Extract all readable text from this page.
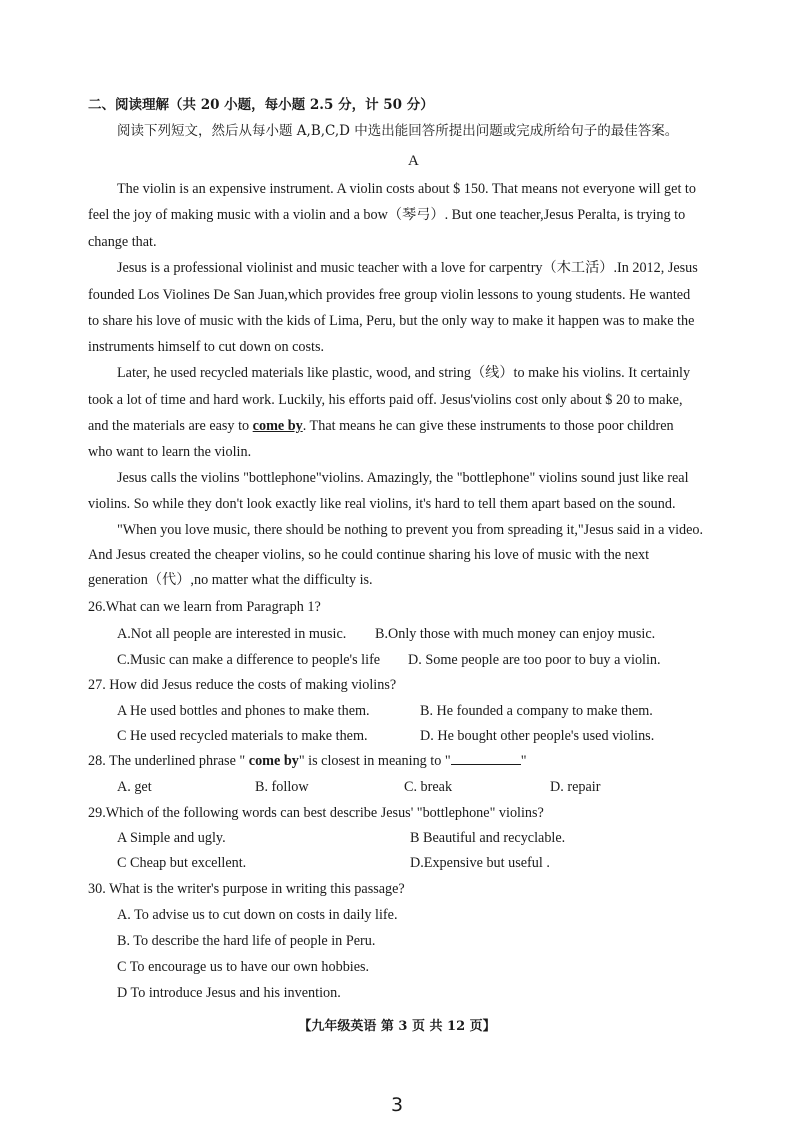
二、阅读理解（共 20 小题，每小题 2.5 分，计 50 分）
阅读下列短文，然后从每小题 A,B,C,D 中选出能回答所提出问题或完成所给句子的最佳答案。
A
The violin is an expensive instrument. A violin costs about $ 150. That means not everyone will get to
feel the joy of making music with a violin and a bow（琴弓）. But one teacher,Jesus Peralta, is trying to
change that.
Jesus is a professional violinist and music teacher with a love for carpentry（木工活）.In 2012, Jesus
founded Los Violines De San Juan,which provides free group violin lessons to young students. He wanted
to share his love of music with the kids of Lima, Peru, but the only way to make it happen was to make the
instruments himself to cut down on costs.
Later, he used recycled materials like plastic, wood, and string（线）to make his violins. It certainly
took a lot of time and hard work. Luckily, his efforts paid off. Jesus'violins cost only about $ 20 to make,
and the materials are easy to come by. That means he can give these instruments to those poor children
who want to learn the violin.
Jesus calls the violins "bottlephone"violins. Amazingly, the "bottlephone" violins sound just like real
violins. So while they don't look exactly like real violins, it's hard to tell them apart based on the sound.
"When you love music, there should be nothing to prevent you from spreading it,"Jesus said in a video.
And Jesus created the cheaper violins, so he could continue sharing his love of music with the next
generation（代）,no matter what the difficulty is.
26.What can we learn from Paragraph 1?
A.Not all people are interested in music. B.Only those with much money can enjoy music.
C.Music can make a difference to people's life D. Some people are too poor to buy a violin.
27. How did Jesus reduce the costs of making violins?
A He used bottles and phones to make them.	B. He founded a company to make them.
C He used recycled materials to make them.	D. He bought other people's used violins.
28. The underlined phrase " come by" is closest in meaning to "	"
A. get	B. follow	C. break	D. repair
29.Which of the following words can best describe Jesus' "bottlephone" violins?
A Simple and ugly.	B Beautiful and recyclable.
C Cheap but excellent.	D.Expensive but useful .
30. What is the writer's purpose in writing this passage?
A. To advise us to cut down on costs in daily life.
B. To describe the hard life of people in Peru.
C To encourage us to have our own hobbies.
D To introduce Jesus and his invention.
【九年级英语 第 3 页 共 12 页】
3
